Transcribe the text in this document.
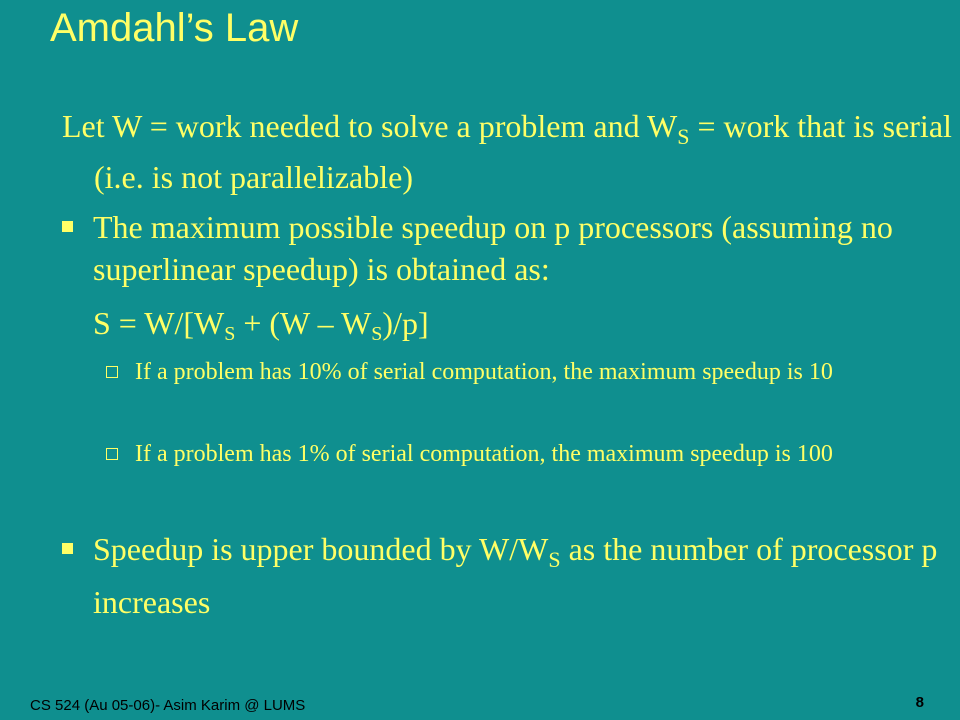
Amdahl’s Law
Let W = work needed to solve a problem and $W_S$ = work that is serial (i.e. is not parallelizable)
The maximum possible speedup on p processors (assuming no superlinear speedup) is obtained as:
S = W/[WS + (W – WS)/p]
If a problem has 10% of serial computation, the maximum speedup is 10
If a problem has 1% of serial computation, the maximum speedup is 100
Speedup is upper bounded by $W/W_S$ as the number of processor p increases
CS 524 (Au 05-06)- Asim Karim @ LUMS	8
